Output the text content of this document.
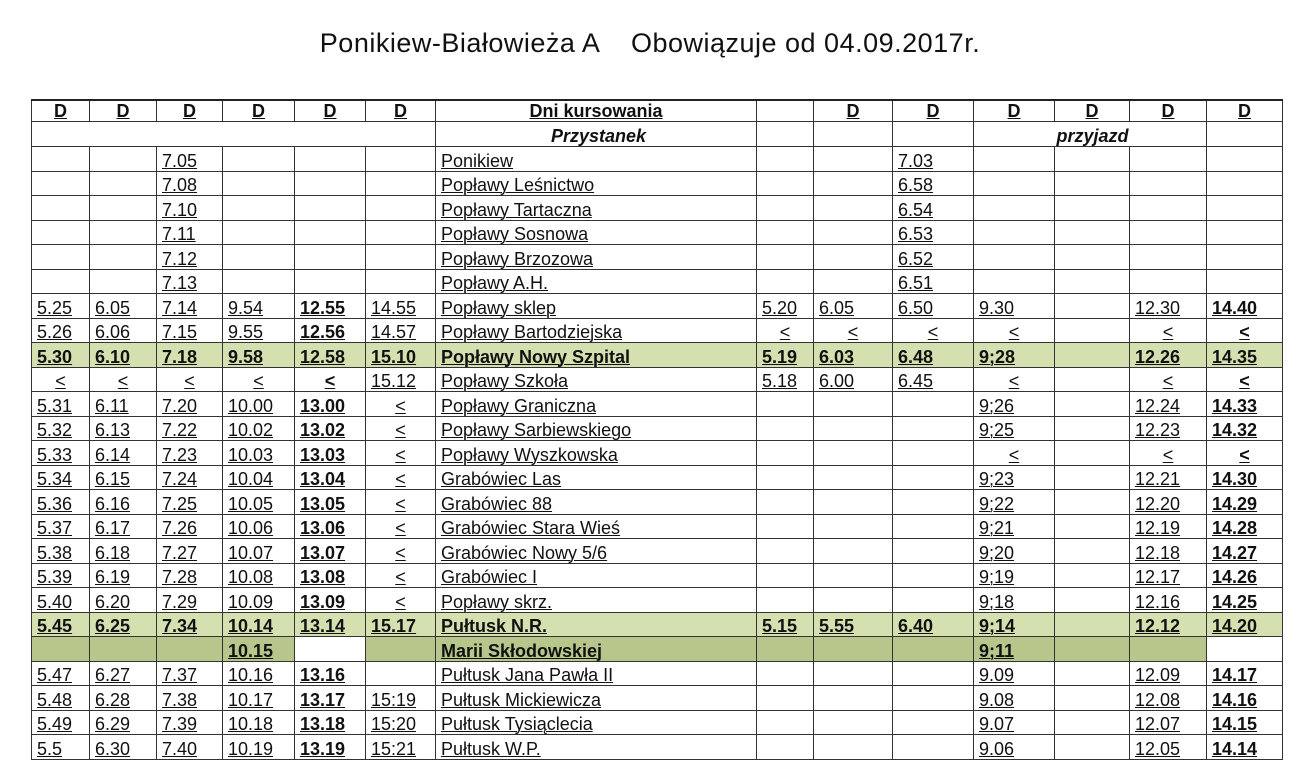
Ponikiew-Białowieża A    Obowiązuje od 04.09.2017r.
D	D	D	D	D	D	Dni kursowania		D	D	D	D	D	D
						Przystanek				przyjazd			
		7.05				Ponikiew			7.03				
		7.08				Popławy Leśnictwo			6.58				
		7.10				Popławy Tartaczna			6.54				
		7.11				Popławy Sosnowa			6.53				
		7.12				Popławy Brzozowa			6.52				
		7.13				Popławy A.H.			6.51				
5.25	6.05	7.14	9.54	12.55	14.55	Popławy sklep	5.20	6.05	6.50	9.30		12.30	14.40
5.26	6.06	7.15	9.55	12.56	14.57	Popławy Bartodziejska	<	<	<	<		<	<
5.30	6.10	7.18	9.58	12.58	15.10	Popławy Nowy Szpital	5.19	6.03	6.48	9;28		12.26	14.35
<	<	<	<	<	15.12	Popławy Szkoła	5.18	6.00	6.45	<		<	<
5.31	6.11	7.20	10.00	13.00	<	Popławy Graniczna				9;26		12.24	14.33
5.32	6.13	7.22	10.02	13.02	<	Popławy Sarbiewskiego				9;25		12.23	14.32
5.33	6.14	7.23	10.03	13.03	<	Popławy Wyszkowska				<		<	<
5.34	6.15	7.24	10.04	13.04	<	Grabówiec Las				9;23		12.21	14.30
5.36	6.16	7.25	10.05	13.05	<	Grabówiec 88				9;22		12.20	14.29
5.37	6.17	7.26	10.06	13.06	<	Grabówiec Stara Wieś				9;21		12.19	14.28
5.38	6.18	7.27	10.07	13.07	<	Grabówiec Nowy 5/6				9;20		12.18	14.27
5.39	6.19	7.28	10.08	13.08	<	Grabówiec I				9;19		12.17	14.26
5.40	6.20	7.29	10.09	13.09	<	Popławy skrz.				9;18		12.16	14.25
5.45	6.25	7.34	10.14	13.14	15.17	Pułtusk N.R.	5.15	5.55	6.40	9;14		12.12	14.20
			10.15			Marii Skłodowskiej				9;11			
5.47	6.27	7.37	10.16	13.16		Pułtusk Jana Pawła II				9.09		12.09	14.17
5.48	6.28	7.38	10.17	13.17	15:19	Pułtusk Mickiewicza				9.08		12.08	14.16
5.49	6.29	7.39	10.18	13.18	15:20	Pułtusk Tysiąclecia				9.07		12.07	14.15
5.5	6.30	7.40	10.19	13.19	15:21	Pułtusk W.P.				9.06		12.05	14.14
